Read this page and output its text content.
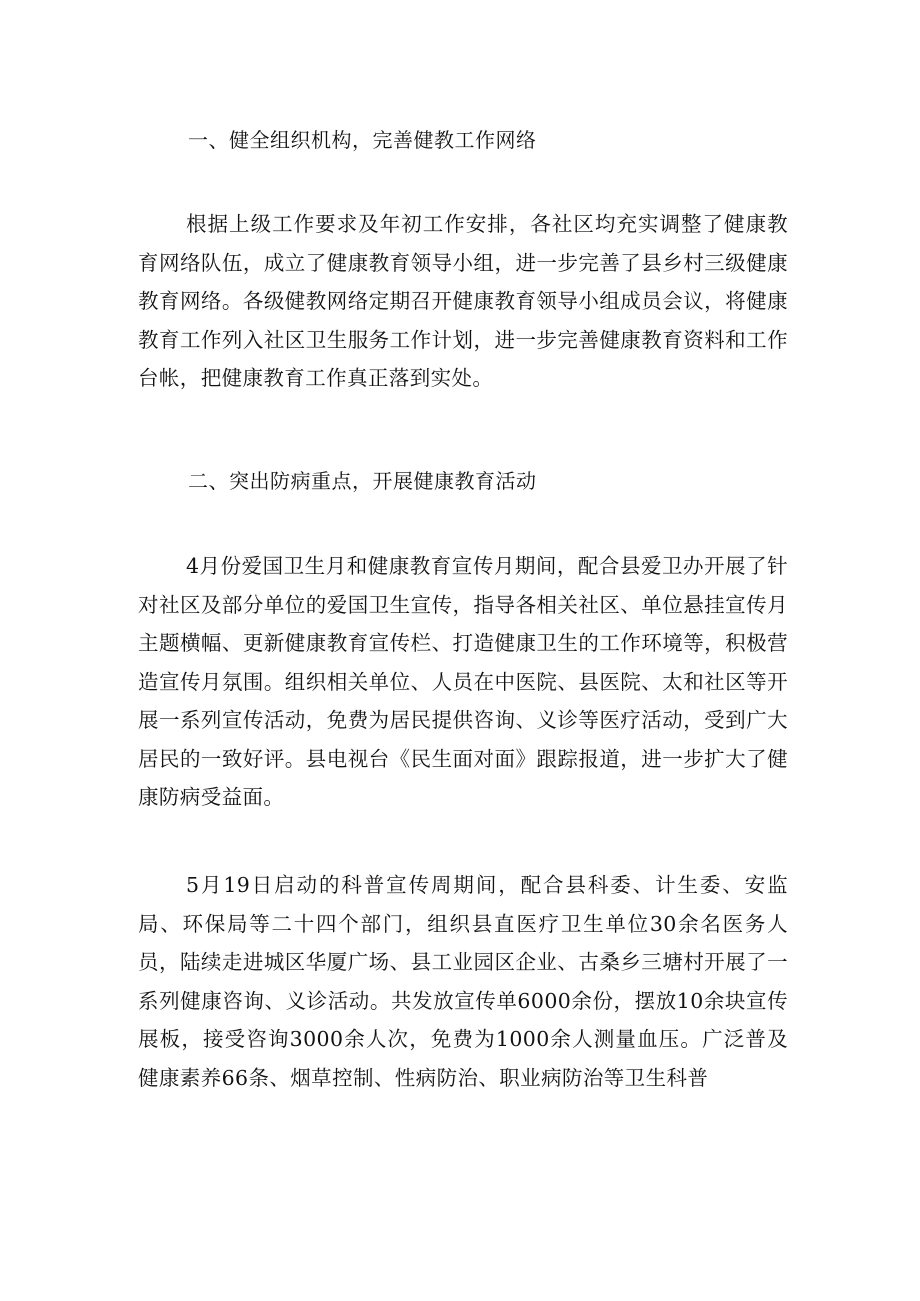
一、健全组织机构，完善健教工作网络

根据上级工作要求及年初工作安排，各社区均充实调整了健康教育网络队伍，成立了健康教育领导小组，进一步完善了县乡村三级健康教育网络。各级健教网络定期召开健康教育领导小组成员会议，将健康教育工作列入社区卫生服务工作计划，进一步完善健康教育资料和工作台帐，把健康教育工作真正落到实处。

二、突出防病重点，开展健康教育活动

4月份爱国卫生月和健康教育宣传月期间，配合县爱卫办开展了针对社区及部分单位的爱国卫生宣传，指导各相关社区、单位悬挂宣传月主题横幅、更新健康教育宣传栏、打造健康卫生的工作环境等，积极营造宣传月氛围。组织相关单位、人员在中医院、县医院、太和社区等开展一系列宣传活动，免费为居民提供咨询、义诊等医疗活动，受到广大居民的一致好评。县电视台《民生面对面》跟踪报道，进一步扩大了健康防病受益面。

5月19日启动的科普宣传周期间，配合县科委、计生委、安监局、环保局等二十四个部门，组织县直医疗卫生单位30余名医务人员，陆续走进城区华厦广场、县工业园区企业、古桑乡三塘村开展了一系列健康咨询、义诊活动。共发放宣传单6000余份，摆放10余块宣传展板，接受咨询3000余人次，免费为1000余人测量血压。广泛普及健康素养66条、烟草控制、性病防治、职业病防治等卫生科普
